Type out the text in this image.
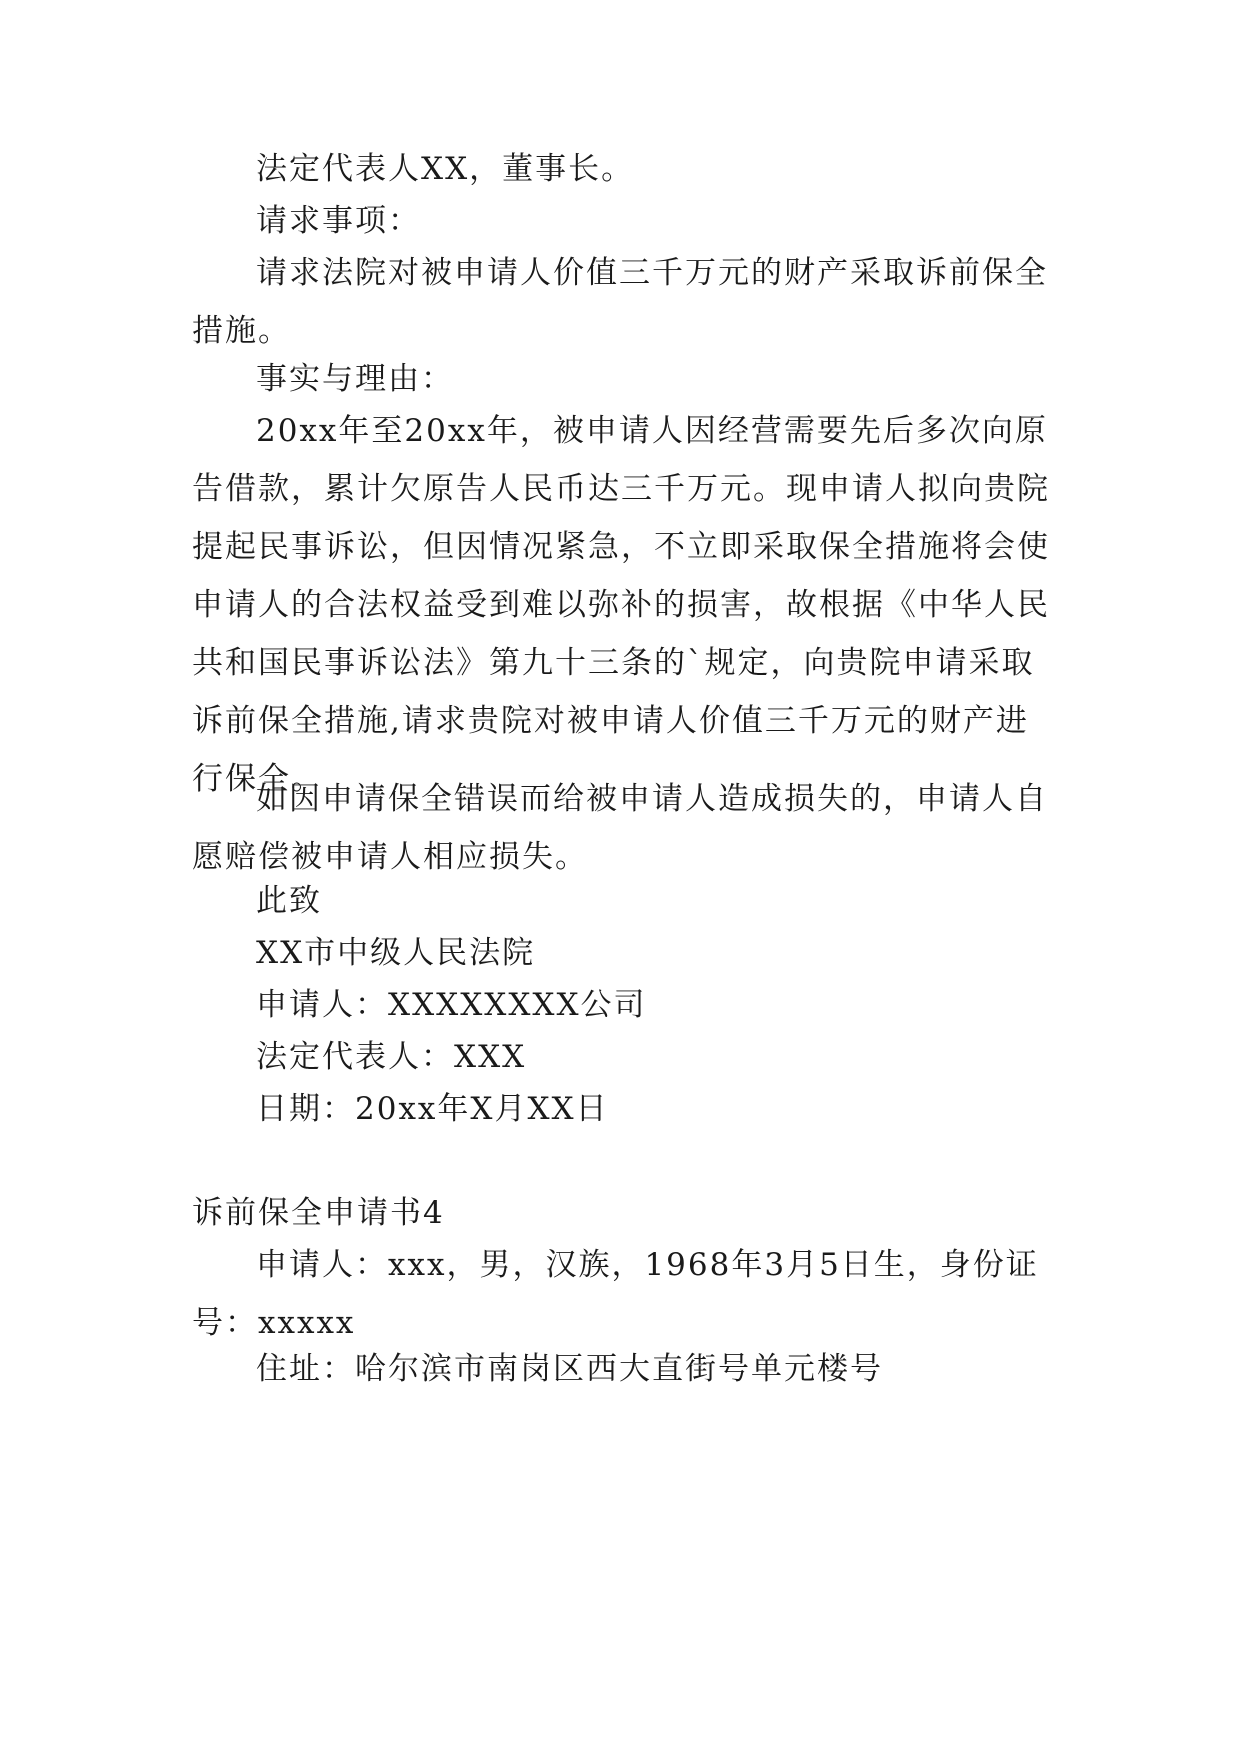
法定代表人XX，董事长。
请求事项：
请求法院对被申请人价值三千万元的财产采取诉前保全措施。
事实与理由：
20xx年至20xx年，被申请人因经营需要先后多次向原告借款，累计欠原告人民币达三千万元。现申请人拟向贵院提起民事诉讼，但因情况紧急，不立即采取保全措施将会使申请人的合法权益受到难以弥补的损害，故根据《中华人民共和国民事诉讼法》第九十三条的`规定，向贵院申请采取诉前保全措施,请求贵院对被申请人价值三千万元的财产进行保全。
如因申请保全错误而给被申请人造成损失的，申请人自愿赔偿被申请人相应损失。
此致
XX市中级人民法院
申请人：XXXXXXXX公司
法定代表人：XXX
日期：20xx年X月XX日
诉前保全申请书4
申请人：xxx，男，汉族，1968年3月5日生，身份证号：xxxxx
住址：哈尔滨市南岗区西大直街号单元楼号
